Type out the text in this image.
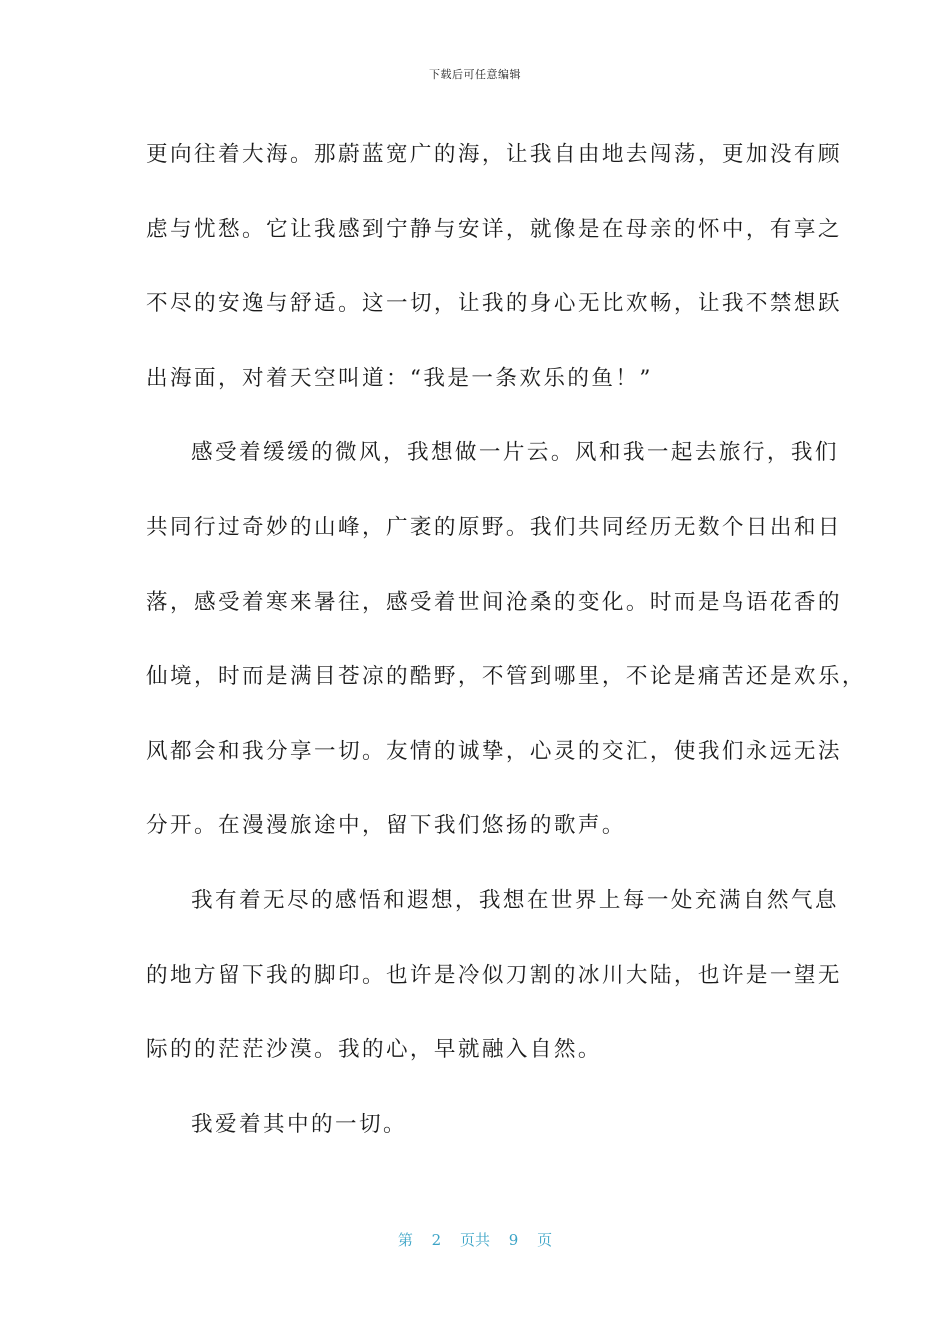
下载后可任意编辑
更向往着大海。那蔚蓝宽广的海，让我自由地去闯荡，更加没有顾
虑与忧愁。它让我感到宁静与安详，就像是在母亲的怀中，有享之
不尽的安逸与舒适。这一切，让我的身心无比欢畅，让我不禁想跃
出海面，对着天空叫道：“我是一条欢乐的鱼！”
感受着缓缓的微风，我想做一片云。风和我一起去旅行，我们
共同行过奇妙的山峰，广袤的原野。我们共同经历无数个日出和日
落，感受着寒来暑往，感受着世间沧桑的变化。时而是鸟语花香的
仙境，时而是满目苍凉的酷野，不管到哪里，不论是痛苦还是欢乐，
风都会和我分享一切。友情的诚挚，心灵的交汇，使我们永远无法
分开。在漫漫旅途中，留下我们悠扬的歌声。
我有着无尽的感悟和遐想，我想在世界上每一处充满自然气息
的地方留下我的脚印。也许是冷似刀割的冰川大陆，也许是一望无
际的的茫茫沙漠。我的心，早就融入自然。
我爱着其中的一切。
第 2 页共 9 页
